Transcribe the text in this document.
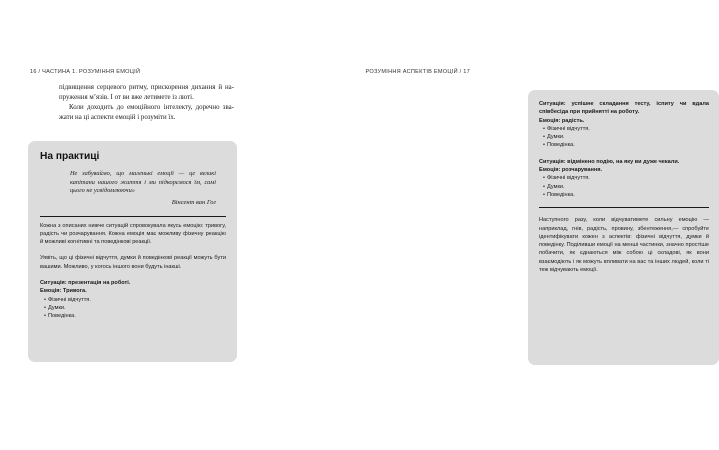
16 / ЧАСТИНА 1. РОЗУМІННЯ ЕМОЦІЙ

підвищення серцевого ритму, прискорення дихання й напруження м’язів. І от ви вже летимете із люті.

Коли доходить до емоційного інтелекту, доречно зважати на ці аспекти емоцій і розуміти їх.

На практиці
Не забуваймо, що маленькі емоції — це великі капітани нашого життя і ми підкорємося їм, самі цього не усвідомлюючи»
Вінсент ван Гог

Кожна з описаних нижче ситуацій спровокувала якусь емоцію: тривогу, радість чи розчарування. Кожна емоція має можливу фізичну реакцію й можливі когнітивні та поведінкові реакції.

Уявіть, що ці фізичні відчуття, думки й поведінкові реакції можуть бути вашими. Можливо, у когось іншого вони будуть інакші.

Ситуація: презентація на роботі.

Емоція: Тривога.

• Фізичні відчуття.
• Думки.
• Поведінка.
РОЗУМІННЯ АСПЕКТІВ ЕМОЦІЙ / 17

Ситуація: успішне складання тесту, іспиту чи вдала співбесіда при прийнятті на роботу.

Емоція: радість.

• Фізичні відчуття.
• Думки.
• Поведінка.

Ситуація: відмінено подію, на яку ви дуже чекали.

Емоція: розчарування.

• Фізичні відчуття.
• Думки.
• Поведінка.

Наступного разу, коли відчуватимете сильну емоцію — наприклад, гнів, радість, провину, збентеження,— спробуйте ідентифікувати кожен з аспектів: фізичні відчуття, думки й поведінку. Поділивши емоції на менші частинки, значно простіше побачити, як єднаються між собою ці складові, як вони взаємодіють і як можуть впливати на вас та інших людей, коли ті теж відчувають емоції.
